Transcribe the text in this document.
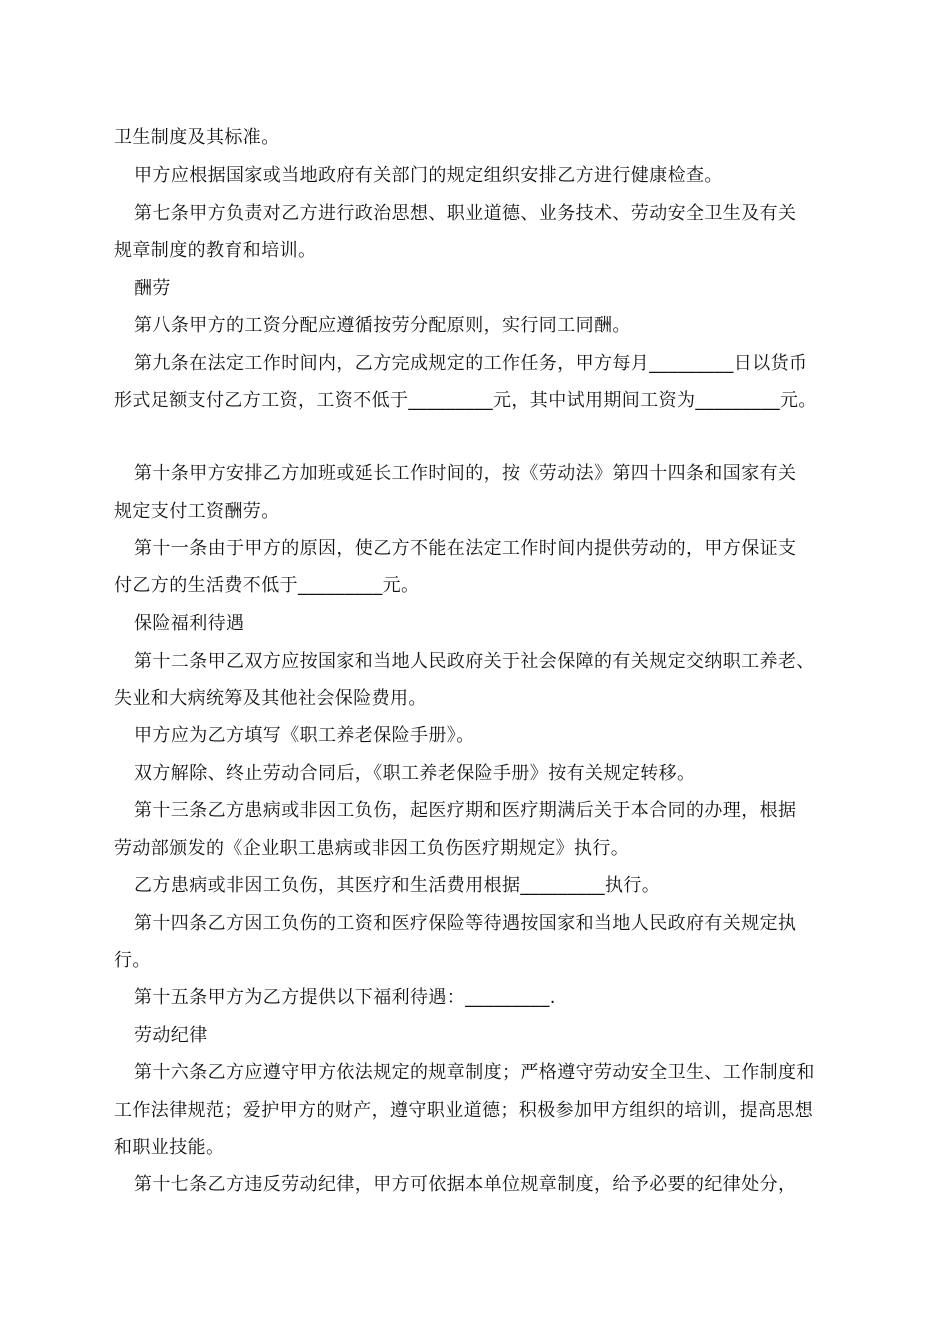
卫生制度及其标准。
甲方应根据国家或当地政府有关部门的规定组织安排乙方进行健康检查。
第七条甲方负责对乙方进行政治思想、职业道德、业务技术、劳动安全卫生及有关
规章制度的教育和培训。
酬劳
第八条甲方的工资分配应遵循按劳分配原则，实行同工同酬。
第九条在法定工作时间内，乙方完成规定的工作任务，甲方每月_________日以货币
形式足额支付乙方工资，工资不低于_________元，其中试用期间工资为_________元。
第十条甲方安排乙方加班或延长工作时间的，按《劳动法》第四十四条和国家有关
规定支付工资酬劳。
第十一条由于甲方的原因，使乙方不能在法定工作时间内提供劳动的，甲方保证支
付乙方的生活费不低于_________元。
保险福利待遇
第十二条甲乙双方应按国家和当地人民政府关于社会保障的有关规定交纳职工养老、
失业和大病统筹及其他社会保险费用。
甲方应为乙方填写《职工养老保险手册》。
双方解除、终止劳动合同后，《职工养老保险手册》按有关规定转移。
第十三条乙方患病或非因工负伤，起医疗期和医疗期满后关于本合同的办理，根据
劳动部颁发的《企业职工患病或非因工负伤医疗期规定》执行。
乙方患病或非因工负伤，其医疗和生活费用根据_________执行。
第十四条乙方因工负伤的工资和医疗保险等待遇按国家和当地人民政府有关规定执
行。
第十五条甲方为乙方提供以下福利待遇：_________.
劳动纪律
第十六条乙方应遵守甲方依法规定的规章制度；严格遵守劳动安全卫生、工作制度和
工作法律规范；爱护甲方的财产，遵守职业道德；积极参加甲方组织的培训，提高思想
和职业技能。
第十七条乙方违反劳动纪律，甲方可依据本单位规章制度，给予必要的纪律处分，
